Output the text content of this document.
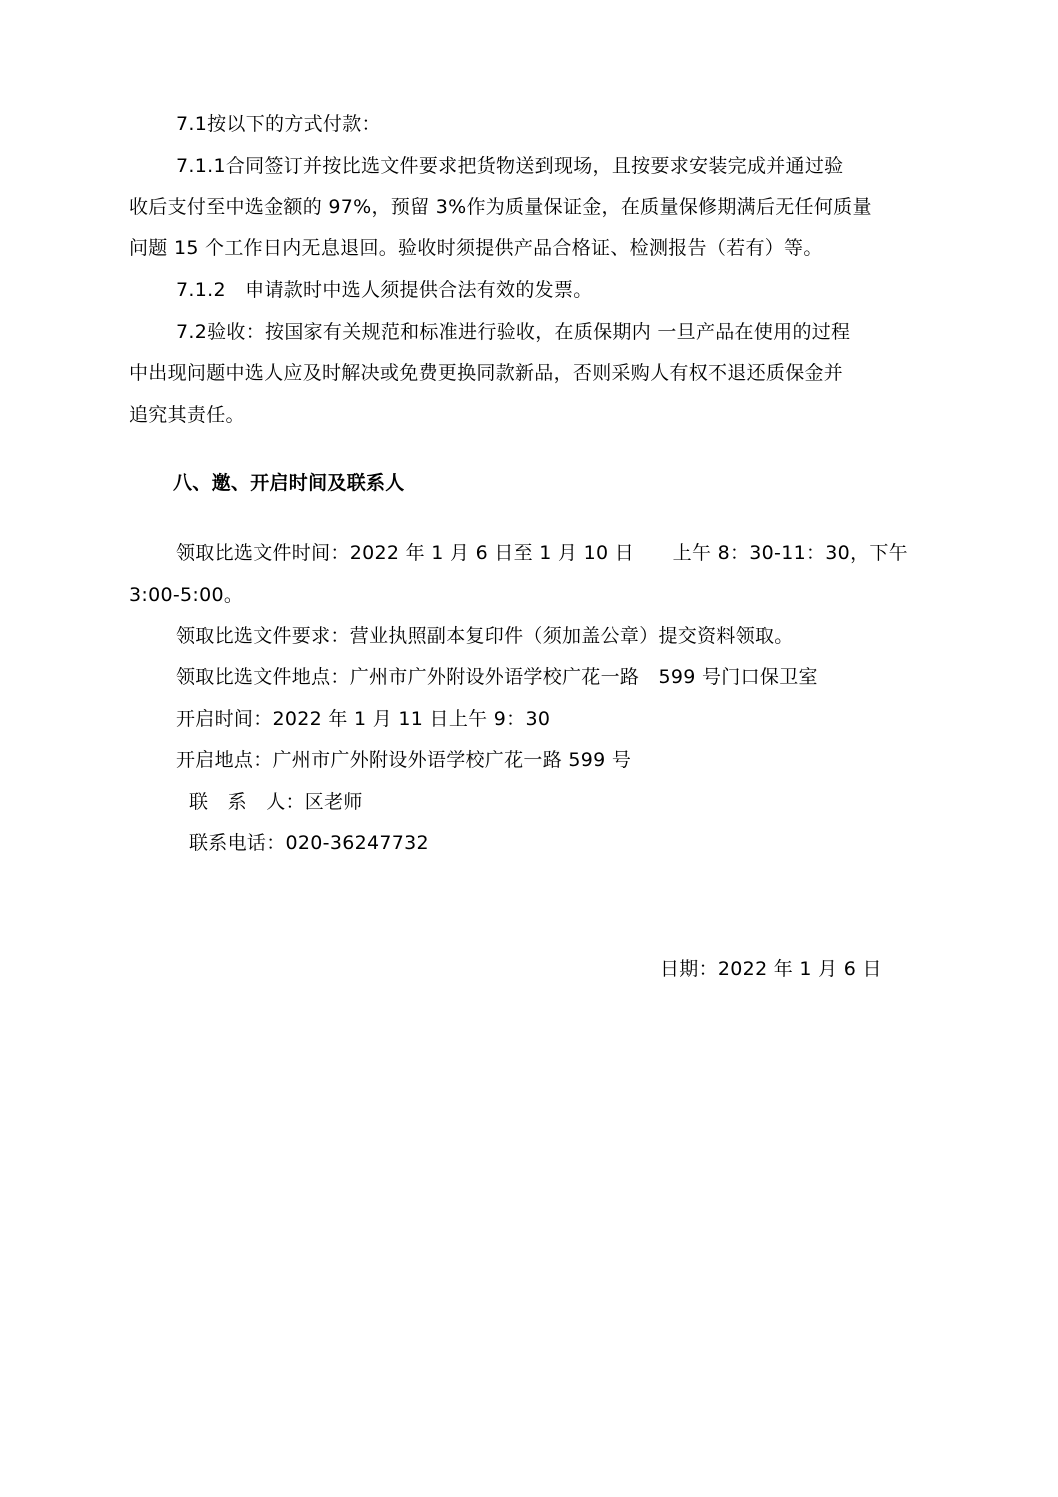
7.1按以下的方式付款：
7.1.1合同签订并按比选文件要求把货物送到现场，且按要求安装完成并通过验
收后支付至中选金额的 97%，预留 3%作为质量保证金，在质量保修期满后无任何质量
问题 15 个工作日内无息退回。验收时须提供产品合格证、检测报告（若有）等。
7.1.2　申请款时中选人须提供合法有效的发票。
7.2验收：按国家有关规范和标准进行验收，在质保期内 一旦产品在使用的过程
中出现问题中选人应及时解决或免费更换同款新品，否则采购人有权不退还质保金并
追究其责任。
八、邀、开启时间及联系人
领取比选文件时间：2022 年 1 月 6 日至 1 月 10 日　　上午 8：30-11：30，下午
3:00-5:00。
领取比选文件要求：营业执照副本复印件（须加盖公章）提交资料领取。
领取比选文件地点：广州市广外附设外语学校广花一路　599 号门口保卫室
开启时间：2022 年 1 月 11 日上午 9：30
开启地点：广州市广外附设外语学校广花一路 599 号
联　系　人：区老师
联系电话：020-36247732
日期：2022 年 1 月 6 日
